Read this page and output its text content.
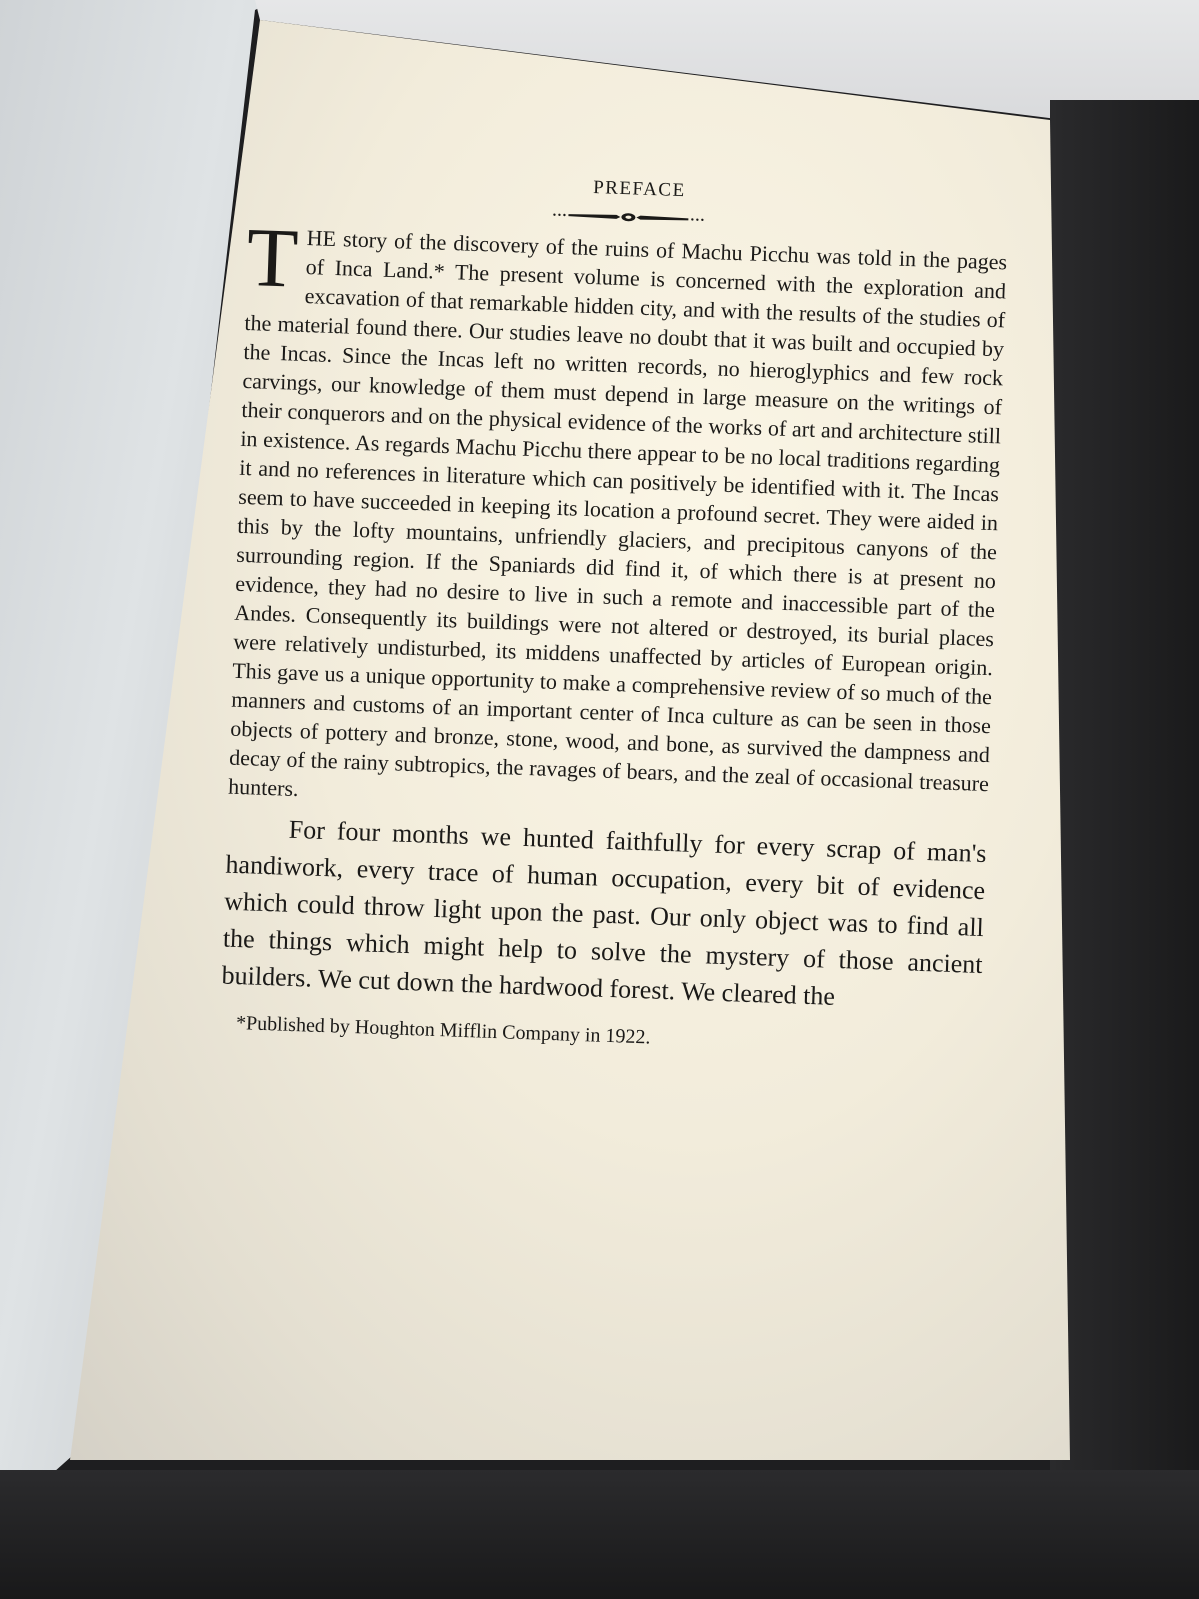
PREFACE

THE story of the discovery of the ruins of Machu Picchu was told in the pages of Inca Land.* The present volume is concerned with the exploration and excavation of that remarkable hidden city, and with the results of the studies of the material found there. Our studies leave no doubt that it was built and occupied by the Incas. Since the Incas left no written records, no hieroglyphics and few rock carvings, our knowledge of them must depend in large measure on the writings of their conquerors and on the physical evidence of the works of art and architecture still in existence. As regards Machu Picchu there appear to be no local traditions regarding it and no references in literature which can positively be identified with it. The Incas seem to have succeeded in keeping its location a profound secret. They were aided in this by the lofty mountains, unfriendly glaciers, and precipitous canyons of the surrounding region. If the Spaniards did find it, of which there is at present no evidence, they had no desire to live in such a remote and inaccessible part of the Andes. Consequently its buildings were not altered or destroyed, its burial places were relatively undisturbed, its middens unaffected by articles of European origin. This gave us a unique opportunity to make a comprehensive review of so much of the manners and customs of an important center of Inca culture as can be seen in those objects of pottery and bronze, stone, wood, and bone, as survived the dampness and decay of the rainy subtropics, the ravages of bears, and the zeal of occasional treasure hunters.

For four months we hunted faithfully for every scrap of man's handiwork, every trace of human occupation, every bit of evidence which could throw light upon the past. Our only object was to find all the things which might help to solve the mystery of those ancient builders. We cut down the hardwood forest. We cleared the

*Published by Houghton Mifflin Company in 1922.
